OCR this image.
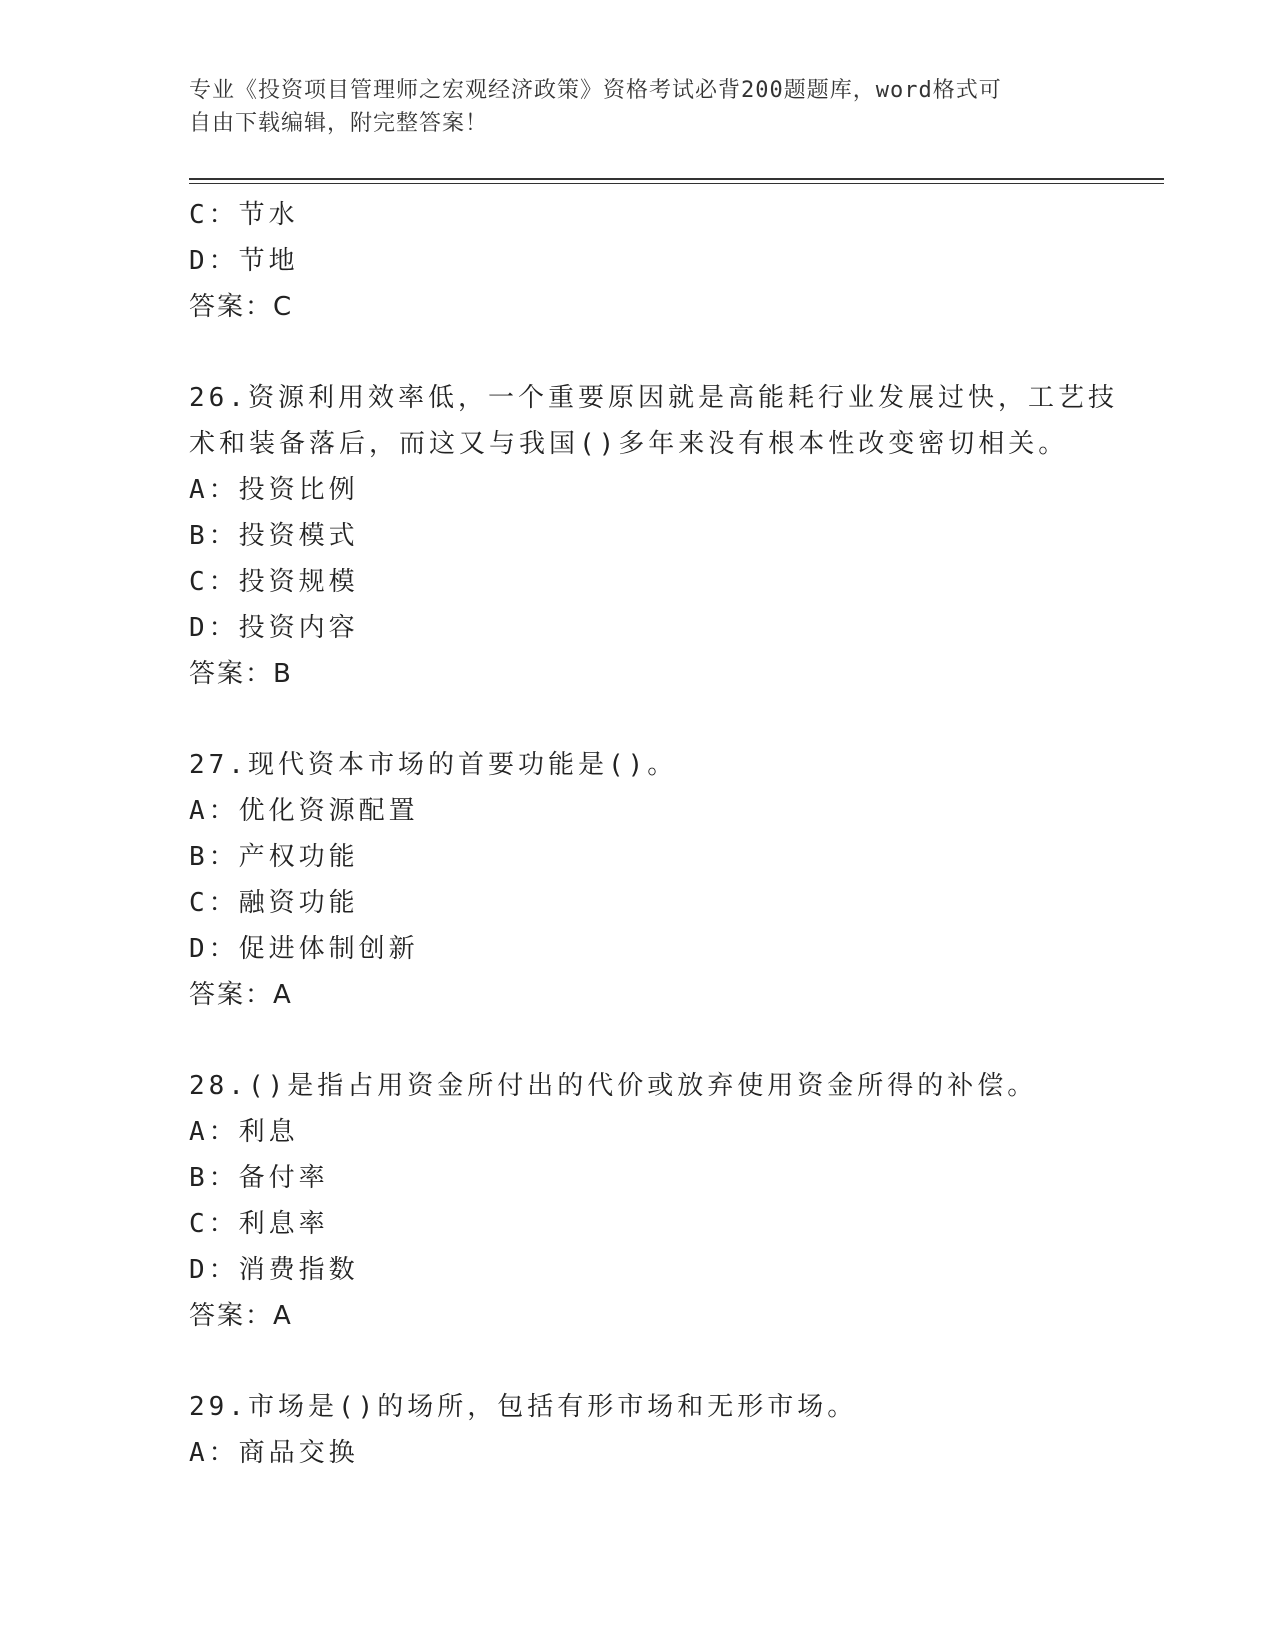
专业《投资项目管理师之宏观经济政策》资格考试必背200题题库，word格式可
自由下载编辑，附完整答案！
C：节水
D：节地
答案：C
26.资源利用效率低，一个重要原因就是高能耗行业发展过快，工艺技
术和装备落后，而这又与我国()多年来没有根本性改变密切相关。
A：投资比例
B：投资模式
C：投资规模
D：投资内容
答案：B
27.现代资本市场的首要功能是()。
A：优化资源配置
B：产权功能
C：融资功能
D：促进体制创新
答案：A
28.()是指占用资金所付出的代价或放弃使用资金所得的补偿。
A：利息
B：备付率
C：利息率
D：消费指数
答案：A
29.市场是()的场所，包括有形市场和无形市场。
A：商品交换
